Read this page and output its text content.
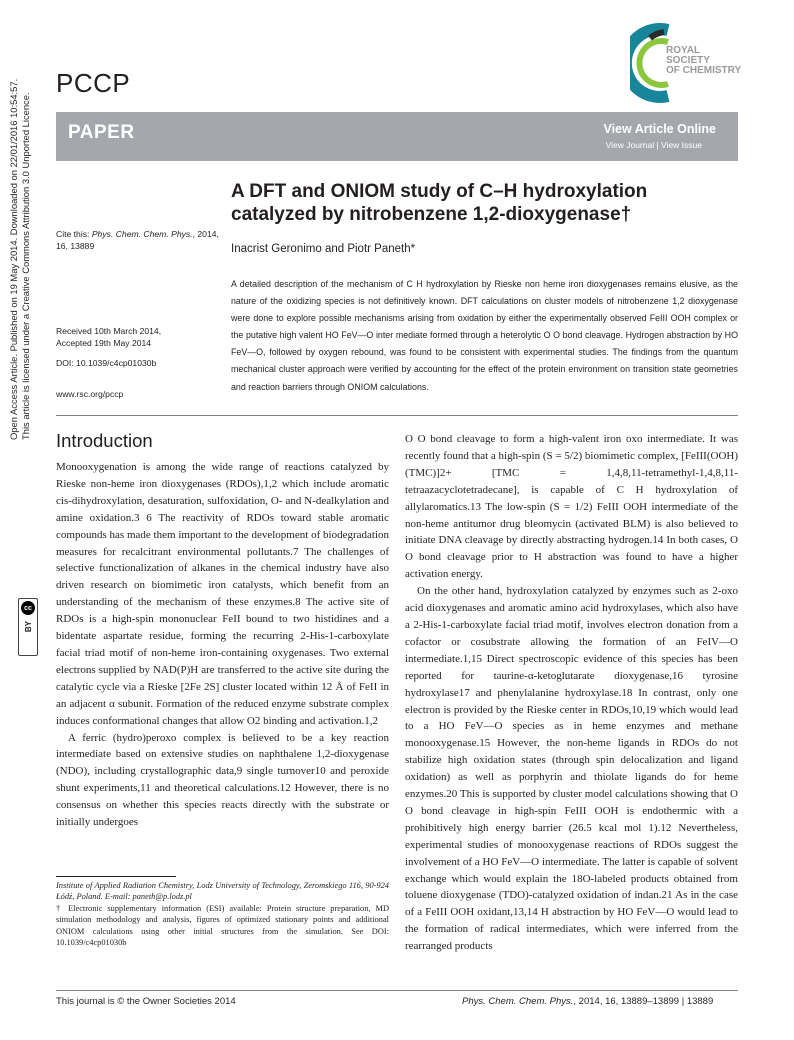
Open Access Article. Published on 19 May 2014. Downloaded on 22/01/2016 10:54:57. This article is licensed under a Creative Commons Attribution 3.0 Unported Licence.
cc
BY
PCCP
ROYAL SOCIETY
OF CHEMISTRY
PAPER	View Article Online
View Journal | View Issue
A DFT and ONIOM study of C–H hydroxylation catalyzed by nitrobenzene 1,2-dioxygenase†
Inacrist Geronimo and Piotr Paneth*
Cite this: Phys. Chem. Chem. Phys., 2014, 16, 13889
Received 10th March 2014,
Accepted 19th May 2014
DOI: 10.1039/c4cp01030b
www.rsc.org/pccp
A detailed description of the mechanism of C H hydroxylation by Rieske non heme iron dioxygenases remains elusive, as the nature of the oxidizing species is not definitively known. DFT calculations on cluster models of nitrobenzene 1,2 dioxygenase were done to explore possible mechanisms arising from oxidation by either the experimentally observed FeIII OOH complex or the putative high valent HO FeV—O inter mediate formed through a heterolytic O O bond cleavage. Hydrogen abstraction by HO FeV—O, followed by oxygen rebound, was found to be consistent with experimental studies. The findings from the quantum mechanical cluster approach were verified by accounting for the effect of the protein environment on transition state geometries and reaction barriers through ONIOM calculations.
Introduction

Monooxygenation is among the wide range of reactions catalyzed by Rieske non-heme iron dioxygenases (RDOs),1,2 which include aromatic cis-dihydroxylation, desaturation, sulfoxidation, O- and N-dealkylation and amine oxidation.3 6 The reactivity of RDOs toward stable aromatic compounds has made them important to the development of biodegradation measures for recalcitrant environmental pollutants.7 The challenges of selective functionalization of alkanes in the chemical industry have also driven research on biomimetic iron catalysts, which benefit from an understanding of the mechanism of these enzymes.8 The active site of RDOs is a high-spin mononuclear FeII bound to two histidines and a bidentate aspartate residue, forming the recurring 2-His-1-carboxylate facial triad motif of non-heme iron-containing oxygenases. Two external electrons supplied by NAD(P)H are transferred to the active site during the catalytic cycle via a Rieske [2Fe 2S] cluster located within 12 Å of FeII in an adjacent α subunit. Formation of the reduced enzyme substrate complex induces conformational changes that allow O2 binding and activation.1,2

A ferric (hydro)peroxo complex is believed to be a key reaction intermediate based on extensive studies on naphthalene 1,2-dioxygenase (NDO), including crystallographic data,9 single turnover10 and peroxide shunt experiments,11 and theoretical calculations.12 However, there is no consensus on whether this species reacts directly with the substrate or initially undergoes

O O bond cleavage to form a high-valent iron oxo intermediate. It was recently found that a high-spin (S = 5/2) biomimetic complex, [FeIII(OOH)(TMC)]2+ [TMC = 1,4,8,11-tetramethyl-1,4,8,11-tetraazacyclotetradecane], is capable of C H hydroxylation of allylaromatics.13 The low-spin (S = 1/2) FeIII OOH intermediate of the non-heme antitumor drug bleomycin (activated BLM) is also believed to initiate DNA cleavage by directly abstracting hydrogen.14 In both cases, O O bond cleavage prior to H abstraction was found to have a higher activation energy.

On the other hand, hydroxylation catalyzed by enzymes such as 2-oxo acid dioxygenases and aromatic amino acid hydroxylases, which also have a 2-His-1-carboxylate facial triad motif, involves electron donation from a cofactor or cosubstrate allowing the formation of an FeIV—O intermediate.1,15 Direct spectroscopic evidence of this species has been reported for taurine-α-ketoglutarate dioxygenase,16 tyrosine hydroxylase17 and phenylalanine hydroxylase.18 In contrast, only one electron is provided by the Rieske center in RDOs,10,19 which would lead to a HO FeV—O species as in heme enzymes and methane monooxygenase.15 However, the non-heme ligands in RDOs do not stabilize high oxidation states (through spin delocalization and ligand oxidation) as well as porphyrin and thiolate ligands do for heme enzymes.20 This is supported by cluster model calculations showing that O O bond cleavage in high-spin FeIII OOH is endothermic with a prohibitively high energy barrier (26.5 kcal mol 1).12 Nevertheless, experimental studies of monooxygenase reactions of RDOs suggest the involvement of a HO FeV—O intermediate. The latter is capable of solvent exchange which would explain the 18O-labeled products obtained from toluene dioxygenase (TDO)-catalyzed oxidation of indan.21 As in the case of a FeIII OOH oxidant,13,14 H abstraction by HO FeV—O would lead to the formation of radical intermediates, which were inferred from the rearranged products

Institute of Applied Radiation Chemistry, Lodz University of Technology, Zeromskiego 116, 90-924 Łódź, Poland. E-mail: paneth@p.lodz.pl

† Electronic supplementary information (ESI) available: Protein structure preparation, MD simulation methodology and analysis, figures of optimized stationary points and additional ONIOM calculations using other initial structures from the simulation. See DOI: 10.1039/c4cp01030b

This journal is © the Owner Societies 2014	Phys. Chem. Chem. Phys., 2014, 16, 13889–13899 | 13889
